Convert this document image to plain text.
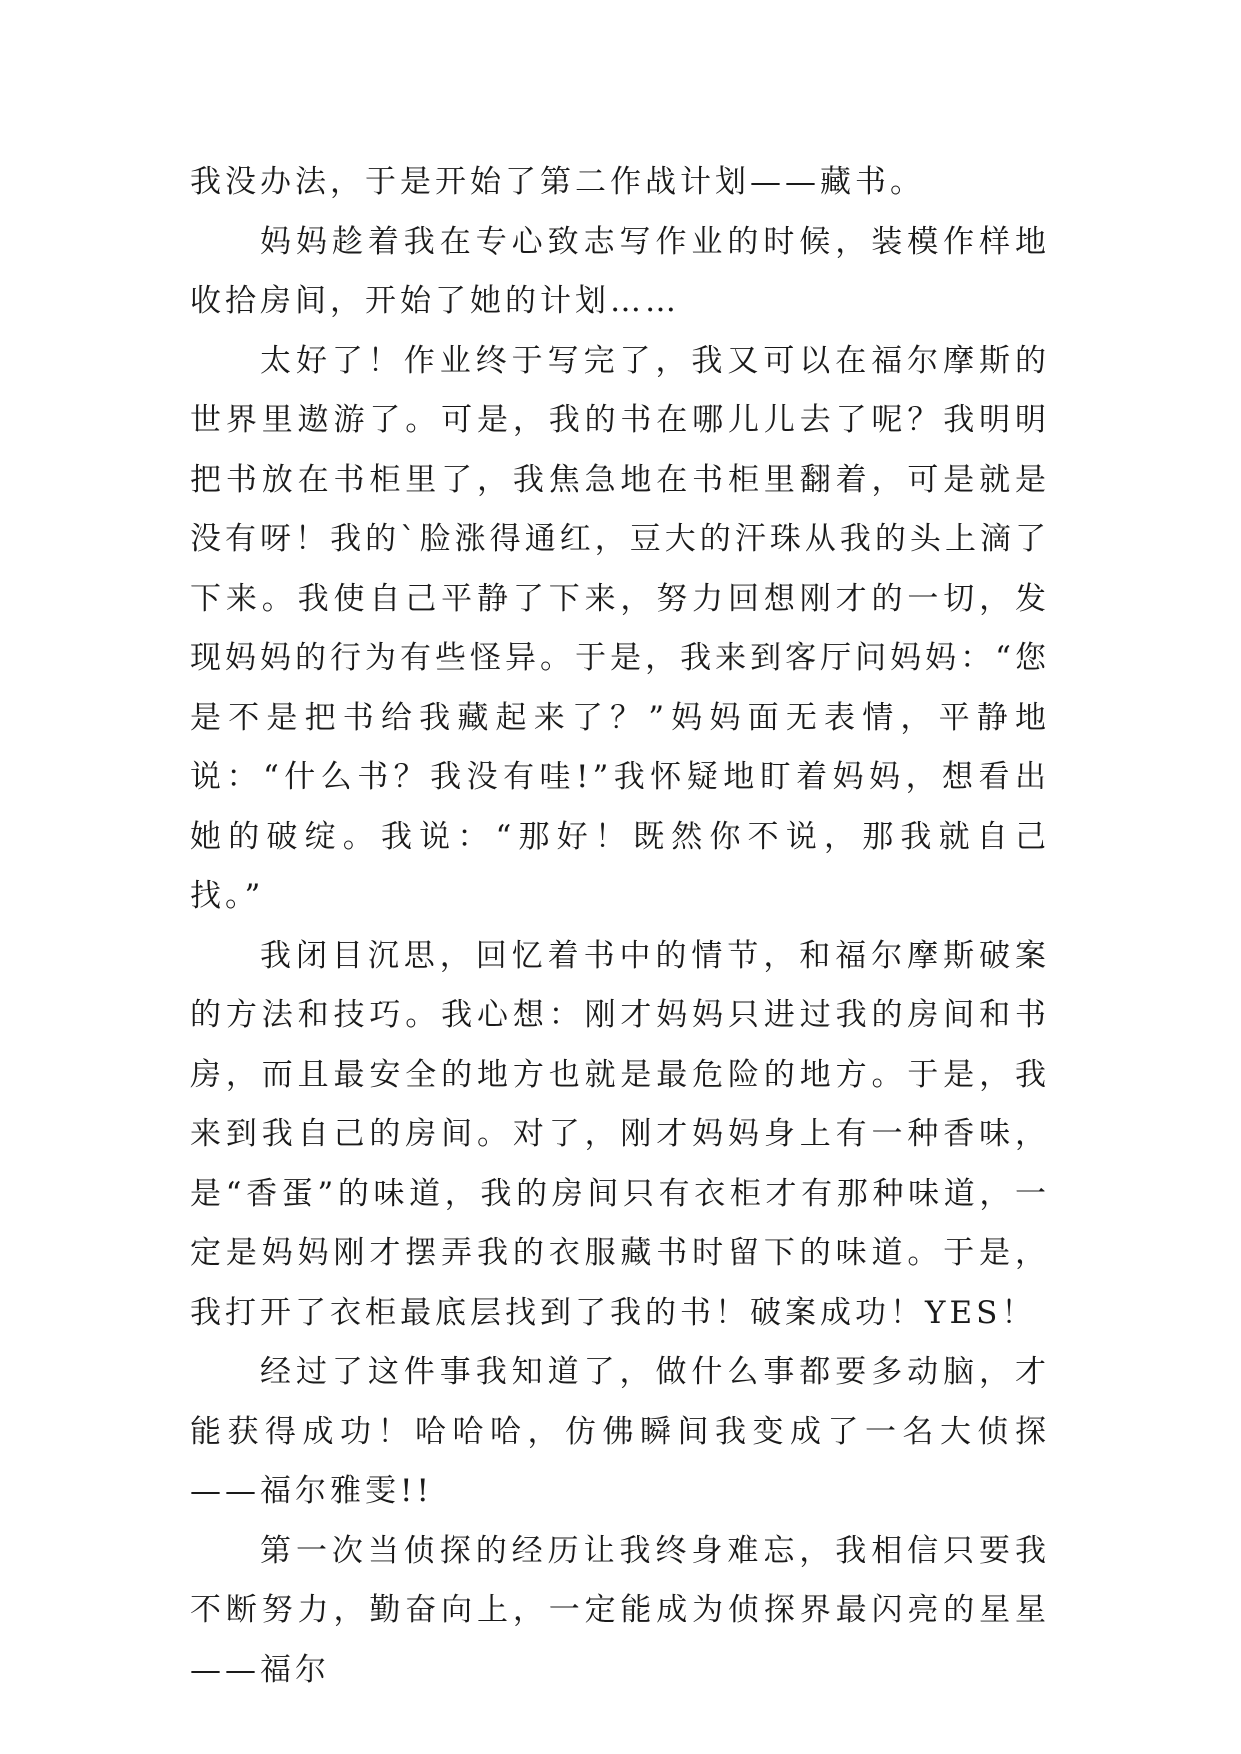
我没办法，于是开始了第二作战计划——藏书。

妈妈趁着我在专心致志写作业的时候，装模作样地收拾房间，开始了她的计划……

太好了！作业终于写完了，我又可以在福尔摩斯的世界里遨游了。可是，我的书在哪儿儿去了呢？我明明把书放在书柜里了，我焦急地在书柜里翻着，可是就是没有呀！我的`脸涨得通红，豆大的汗珠从我的头上滴了下来。我使自己平静了下来，努力回想刚才的一切，发现妈妈的行为有些怪异。于是，我来到客厅问妈妈：“您是不是把书给我藏起来了？”妈妈面无表情，平静地说：“什么书？我没有哇!”我怀疑地盯着妈妈，想看出她的破绽。我说：“那好！既然你不说，那我就自己找。”

我闭目沉思，回忆着书中的情节，和福尔摩斯破案的方法和技巧。我心想：刚才妈妈只进过我的房间和书房，而且最安全的地方也就是最危险的地方。于是，我来到我自己的房间。对了，刚才妈妈身上有一种香味，是“香蛋”的味道，我的房间只有衣柜才有那种味道，一定是妈妈刚才摆弄我的衣服藏书时留下的味道。于是，我打开了衣柜最底层找到了我的书！破案成功！YES！

经过了这件事我知道了，做什么事都要多动脑，才能获得成功！哈哈哈，仿佛瞬间我变成了一名大侦探——福尔雅雯!!

第一次当侦探的经历让我终身难忘，我相信只要我不断努力，勤奋向上，一定能成为侦探界最闪亮的星星——福尔
